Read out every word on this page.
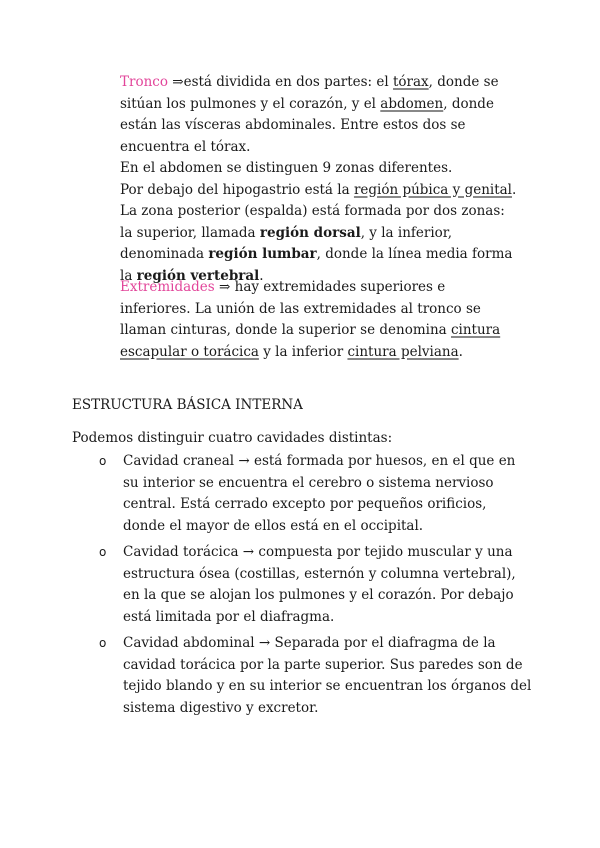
Tronco ⇒está dividida en dos partes: el tórax, donde se sitúan los pulmones y el corazón, y el abdomen, donde están las vísceras abdominales. Entre estos dos se encuentra el tórax.
En el abdomen se distinguen 9 zonas diferentes.
Por debajo del hipogastrio está la región púbica y genital.
La zona posterior (espalda) está formada por dos zonas: la superior, llamada región dorsal, y la inferior, denominada región lumbar, donde la línea media forma la región vertebral.

Extremidades ⇒ hay extremidades superiores e inferiores. La unión de las extremidades al tronco se llaman cinturas, donde la superior se denomina cintura escapular o torácica y la inferior cintura pelviana.

ESTRUCTURA BÁSICA INTERNA

Podemos distinguir cuatro cavidades distintas:

o Cavidad craneal → está formada por huesos, en el que en su interior se encuentra el cerebro o sistema nervioso central. Está cerrado excepto por pequeños orificios, donde el mayor de ellos está en el occipital.
o Cavidad torácica → compuesta por tejido muscular y una estructura ósea (costillas, esternón y columna vertebral), en la que se alojan los pulmones y el corazón. Por debajo está limitada por el diafragma.
o Cavidad abdominal → Separada por el diafragma de la cavidad torácica por la parte superior. Sus paredes son de tejido blando y en su interior se encuentran los órganos del sistema digestivo y excretor.
